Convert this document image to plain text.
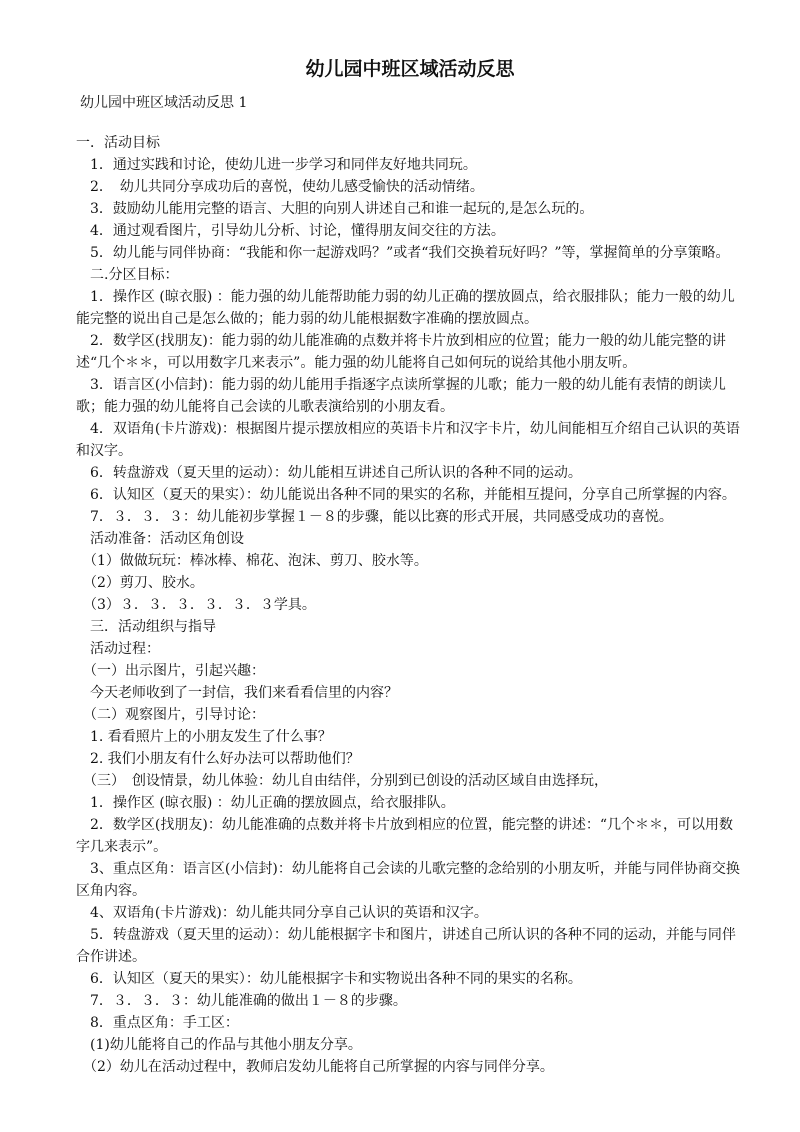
幼儿园中班区域活动反思
幼儿园中班区域活动反思 1

一．活动目标

　1．通过实践和讨论，使幼儿进一步学习和同伴友好地共同玩。

　2．　幼儿共同分享成功后的喜悦，使幼儿感受愉快的活动情绪。

　3．鼓励幼儿能用完整的语言、大胆的向别人讲述自己和谁一起玩的,是怎么玩的。

　4．通过观看图片，引导幼儿分析、讨论，懂得朋友间交往的方法。

　5．幼儿能与同伴协商：“我能和你一起游戏吗？”或者“我们交换着玩好吗？”等，掌握简单的分享策略。

　二.分区目标：

　1．操作区 (晾衣服) ：能力强的幼儿能帮助能力弱的幼儿正确的摆放圆点，给衣服排队；能力一般的幼儿能完整的说出自己是怎么做的；能力弱的幼儿能根据数字准确的摆放圆点。

　2．数学区(找朋友)：能力弱的幼儿能准确的点数并将卡片放到相应的位置；能力一般的幼儿能完整的讲述“几个＊＊，可以用数字几来表示”。能力强的幼儿能将自己如何玩的说给其他小朋友听。

　3．语言区(小信封)：能力弱的幼儿能用手指逐字点读所掌握的儿歌；能力一般的幼儿能有表情的朗读儿歌；能力强的幼儿能将自己会读的儿歌表演给别的小朋友看。

　4．双语角(卡片游戏)：根据图片提示摆放相应的英语卡片和汉字卡片，幼儿间能相互介绍自己认识的英语和汉字。

　6．转盘游戏（夏天里的运动）：幼儿能相互讲述自己所认识的各种不同的运动。

　6．认知区（夏天的果实）：幼儿能说出各种不同的果实的名称，并能相互提问，分享自己所掌握的内容。

　7．３．３．３：幼儿能初步掌握１－８的步骤，能以比赛的形式开展，共同感受成功的喜悦。

　活动准备：活动区角创设

　（1）做做玩玩：棒冰棒、棉花、泡沫、剪刀、胶水等。

　（2）剪刀、胶水。

　（3）３．３．３．３．３．３学具。

　三．活动组织与指导

　活动过程：

　（一）出示图片，引起兴趣：

　今天老师收到了一封信，我们来看看信里的内容？

　（二）观察图片，引导讨论：

　1. 看看照片上的小朋友发生了什么事？

　2. 我们小朋友有什么好办法可以帮助他们？

　（三）　创设情景，幼儿体验：幼儿自由结伴，分别到已创设的活动区域自由选择玩，

　1．操作区 (晾衣服) ：幼儿正确的摆放圆点，给衣服排队。

　2．数学区(找朋友)：幼儿能准确的点数并将卡片放到相应的位置，能完整的讲述：“几个＊＊，可以用数字几来表示”。

　3、重点区角：语言区(小信封)：幼儿能将自己会读的儿歌完整的念给别的小朋友听，并能与同伴协商交换区角内容。

　4、双语角(卡片游戏)：幼儿能共同分享自己认识的英语和汉字。

　5．转盘游戏（夏天里的运动）：幼儿能根据字卡和图片，讲述自己所认识的各种不同的运动，并能与同伴合作讲述。

　6．认知区（夏天的果实）：幼儿能根据字卡和实物说出各种不同的果实的名称。

　7．３．３．３：幼儿能准确的做出１－８的步骤。

　8．重点区角：手工区：

　(1)幼儿能将自己的作品与其他小朋友分享。

　（2）幼儿在活动过程中，教师启发幼儿能将自己所掌握的内容与同伴分享。
